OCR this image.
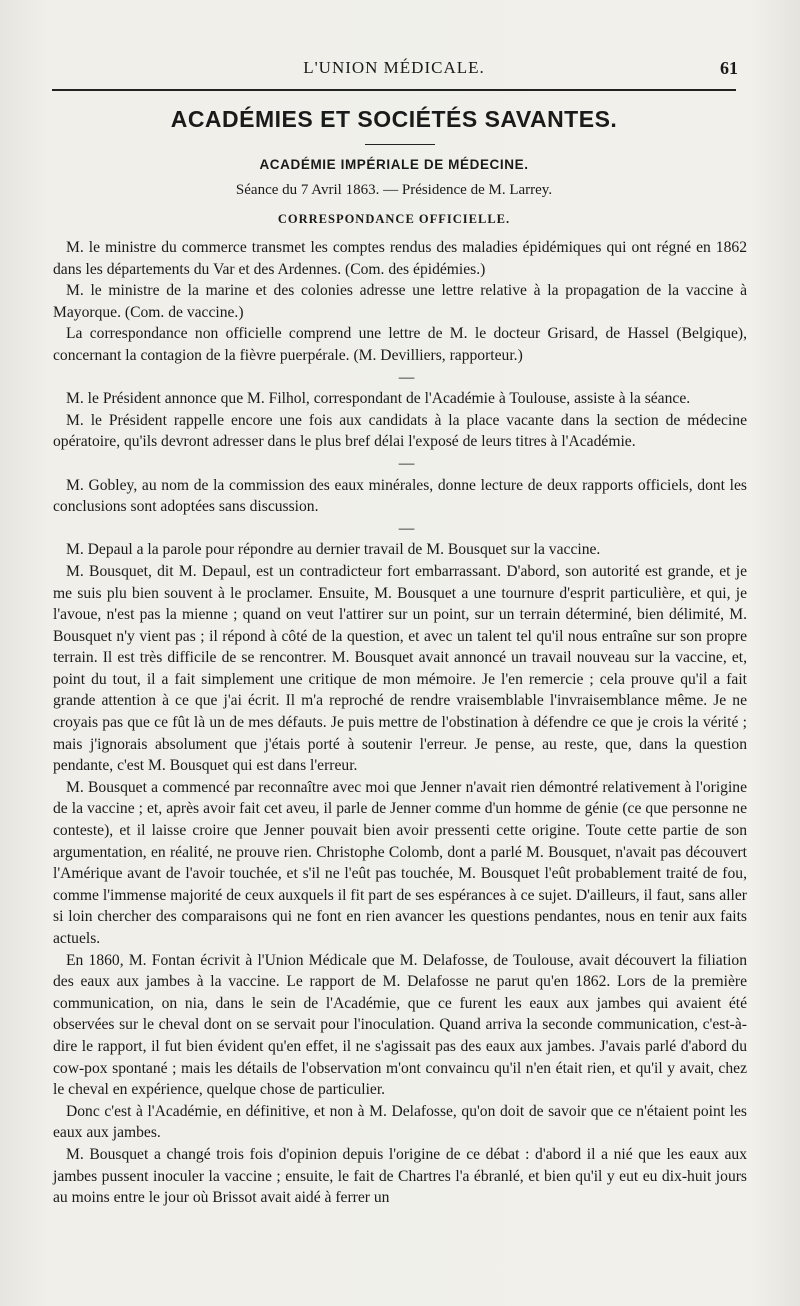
L'UNION MÉDICALE.	61
ACADÉMIES ET SOCIÉTÉS SAVANTES.
ACADÉMIE IMPÉRIALE DE MÉDECINE.
Séance du 7 Avril 1863. — Présidence de M. Larrey.
CORRESPONDANCE OFFICIELLE.

M. le ministre du commerce transmet les comptes rendus des maladies épidémiques qui ont régné en 1862 dans les départements du Var et des Ardennes. (Com. des épidémies.)

M. le ministre de la marine et des colonies adresse une lettre relative à la propagation de la vaccine à Mayorque. (Com. de vaccine.)

La correspondance non officielle comprend une lettre de M. le docteur Grisard, de Hassel (Belgique), concernant la contagion de la fièvre puerpérale. (M. Devilliers, rapporteur.)

—

M. le Président annonce que M. Filhol, correspondant de l'Académie à Toulouse, assiste à la séance.

M. le Président rappelle encore une fois aux candidats à la place vacante dans la section de médecine opératoire, qu'ils devront adresser dans le plus bref délai l'exposé de leurs titres à l'Académie.

—

M. Gobley, au nom de la commission des eaux minérales, donne lecture de deux rapports officiels, dont les conclusions sont adoptées sans discussion.

—

M. Depaul a la parole pour répondre au dernier travail de M. Bousquet sur la vaccine.

M. Bousquet, dit M. Depaul, est un contradicteur fort embarrassant. D'abord, son autorité est grande, et je me suis plu bien souvent à le proclamer. Ensuite, M. Bousquet a une tournure d'esprit particulière, et qui, je l'avoue, n'est pas la mienne ; quand on veut l'attirer sur un point, sur un terrain déterminé, bien délimité, M. Bousquet n'y vient pas ; il répond à côté de la question, et avec un talent tel qu'il nous entraîne sur son propre terrain. Il est très difficile de se rencontrer. M. Bousquet avait annoncé un travail nouveau sur la vaccine, et, point du tout, il a fait simplement une critique de mon mémoire. Je l'en remercie ; cela prouve qu'il a fait grande attention à ce que j'ai écrit. Il m'a reproché de rendre vraisemblable l'invraisemblance même. Je ne croyais pas que ce fût là un de mes défauts. Je puis mettre de l'obstination à défendre ce que je crois la vérité ; mais j'ignorais absolument que j'étais porté à soutenir l'erreur. Je pense, au reste, que, dans la question pendante, c'est M. Bousquet qui est dans l'erreur.

M. Bousquet a commencé par reconnaître avec moi que Jenner n'avait rien démontré relativement à l'origine de la vaccine ; et, après avoir fait cet aveu, il parle de Jenner comme d'un homme de génie (ce que personne ne conteste), et il laisse croire que Jenner pouvait bien avoir pressenti cette origine. Toute cette partie de son argumentation, en réalité, ne prouve rien. Christophe Colomb, dont a parlé M. Bousquet, n'avait pas découvert l'Amérique avant de l'avoir touchée, et s'il ne l'eût pas touchée, M. Bousquet l'eût probablement traité de fou, comme l'immense majorité de ceux auxquels il fit part de ses espérances à ce sujet. D'ailleurs, il faut, sans aller si loin chercher des comparaisons qui ne font en rien avancer les questions pendantes, nous en tenir aux faits actuels.

En 1860, M. Fontan écrivit à l'Union Médicale que M. Delafosse, de Toulouse, avait découvert la filiation des eaux aux jambes à la vaccine. Le rapport de M. Delafosse ne parut qu'en 1862. Lors de la première communication, on nia, dans le sein de l'Académie, que ce furent les eaux aux jambes qui avaient été observées sur le cheval dont on se servait pour l'inoculation. Quand arriva la seconde communication, c'est-à-dire le rapport, il fut bien évident qu'en effet, il ne s'agissait pas des eaux aux jambes. J'avais parlé d'abord du cow-pox spontané ; mais les détails de l'observation m'ont convaincu qu'il n'en était rien, et qu'il y avait, chez le cheval en expérience, quelque chose de particulier.

Donc c'est à l'Académie, en définitive, et non à M. Delafosse, qu'on doit de savoir que ce n'étaient point les eaux aux jambes.

M. Bousquet a changé trois fois d'opinion depuis l'origine de ce débat : d'abord il a nié que les eaux aux jambes pussent inoculer la vaccine ; ensuite, le fait de Chartres l'a ébranlé, et bien qu'il y eut eu dix-huit jours au moins entre le jour où Brissot avait aidé à ferrer un
